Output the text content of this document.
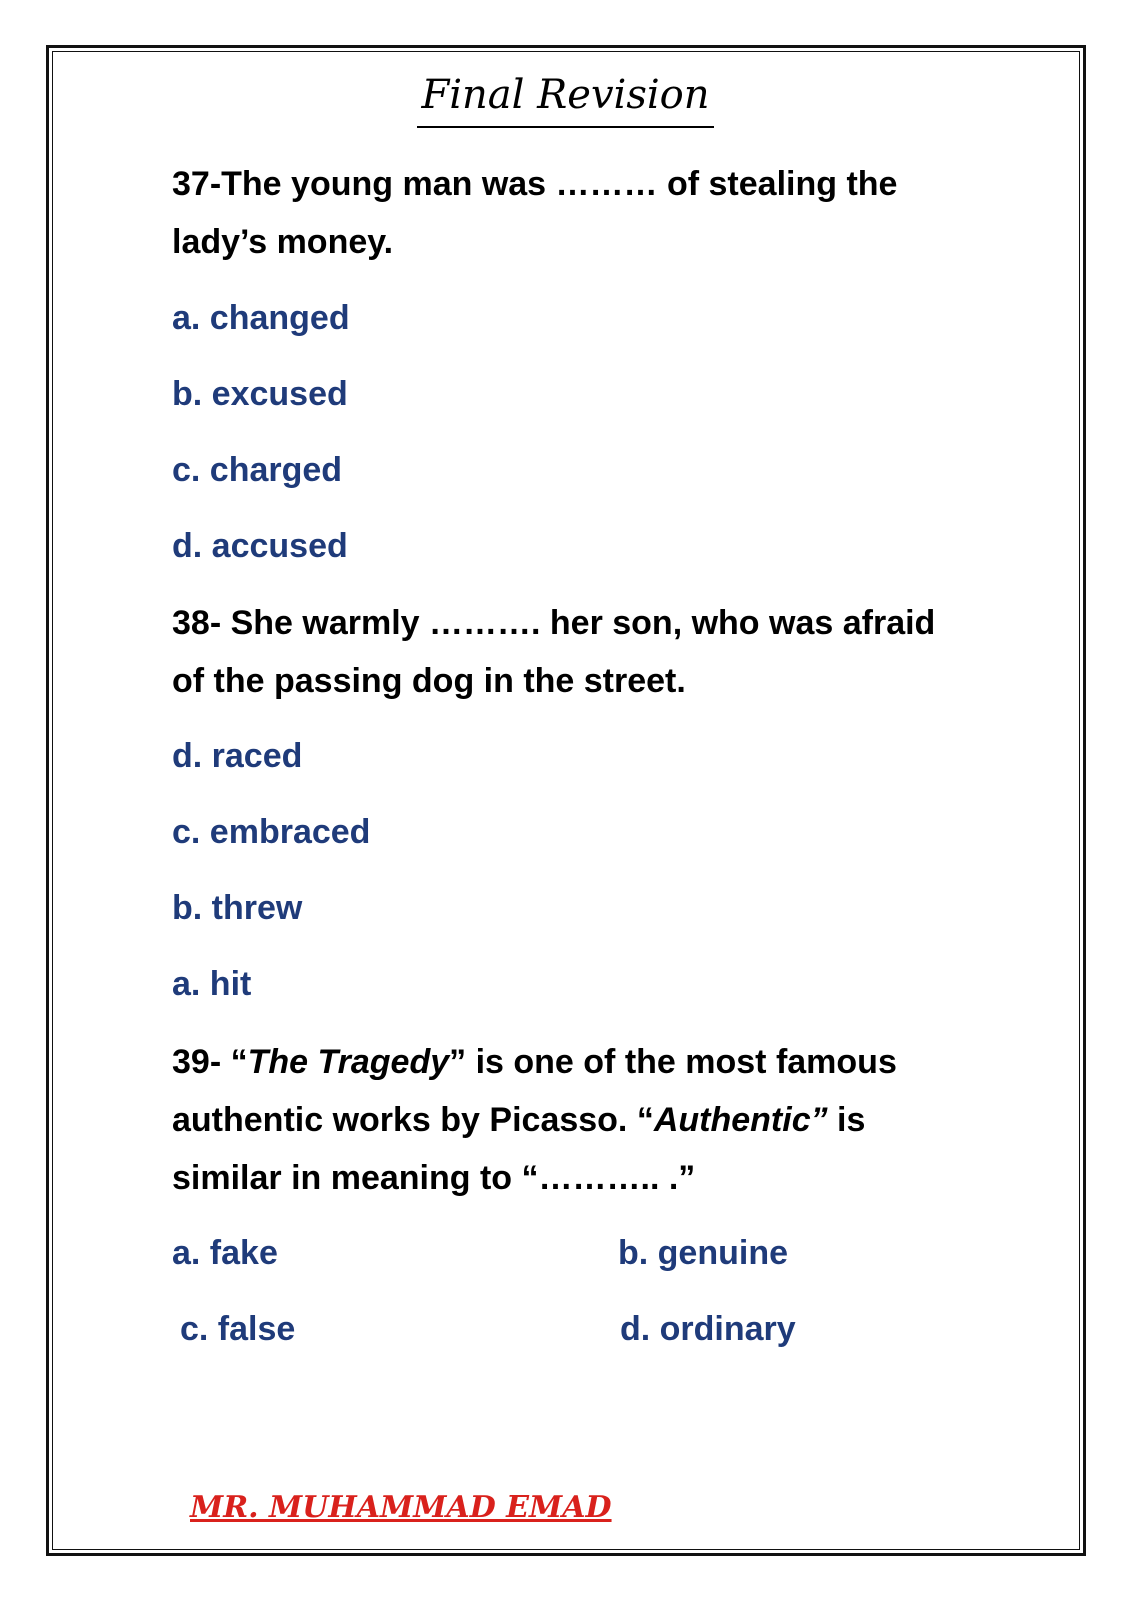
Final Revision
37-The young man was ……… of stealing the lady’s money.
a. changed
b. excused
c. charged
d. accused
38- She warmly ………. her son, who was afraid of the passing dog in the street.
d. raced
c. embraced
b. threw
a. hit
39- “The Tragedy” is one of the most famous authentic works by Picasso. “Authentic” is similar in meaning to “……….. .”
a. fake	b. genuine
c. false	d. ordinary
MR. MUHAMMAD EMAD
